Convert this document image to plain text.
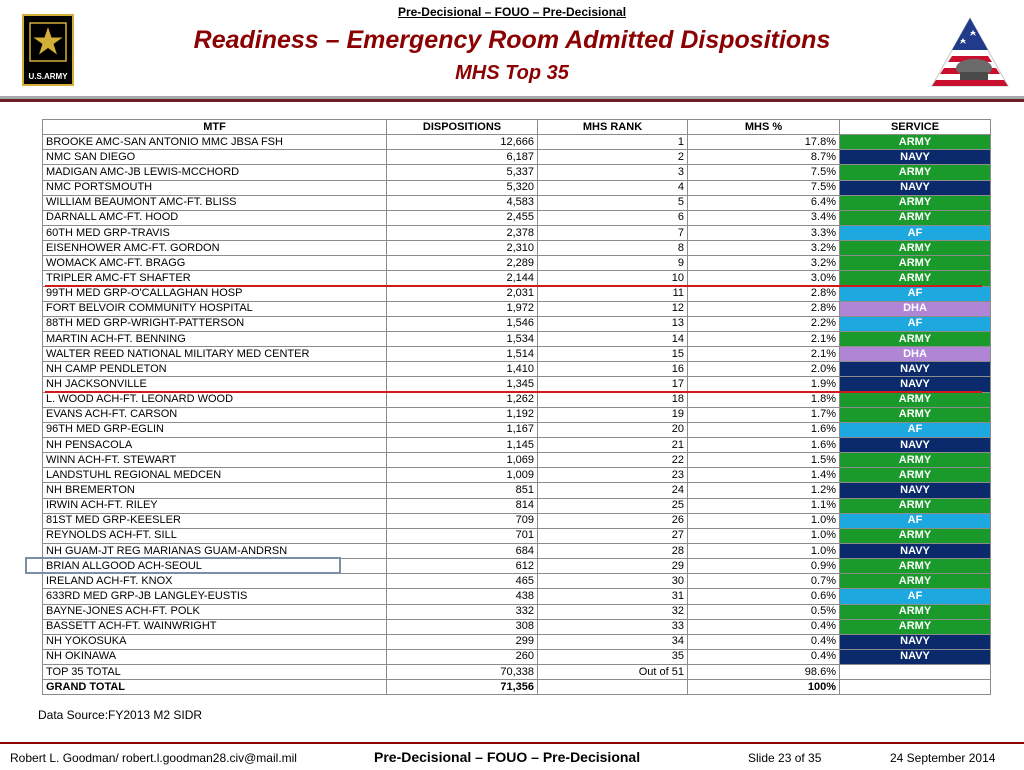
U.S.ARMY
Pre-Decisional – FOUO – Pre-Decisional
Readiness – Emergency Room Admitted Dispositions
MHS Top 35
MTF	DISPOSITIONS	MHS RANK	MHS %	SERVICE
BROOKE AMC-SAN ANTONIO MMC JBSA FSH	12,666	1	17.8%	ARMY
NMC SAN DIEGO	6,187	2	8.7%	NAVY
MADIGAN AMC-JB LEWIS-MCCHORD	5,337	3	7.5%	ARMY
NMC PORTSMOUTH	5,320	4	7.5%	NAVY
WILLIAM BEAUMONT AMC-FT. BLISS	4,583	5	6.4%	ARMY
DARNALL AMC-FT. HOOD	2,455	6	3.4%	ARMY
60TH MED GRP-TRAVIS	2,378	7	3.3%	AF
EISENHOWER AMC-FT. GORDON	2,310	8	3.2%	ARMY
WOMACK AMC-FT. BRAGG	2,289	9	3.2%	ARMY
TRIPLER AMC-FT SHAFTER	2,144	10	3.0%	ARMY
99TH MED GRP-O'CALLAGHAN HOSP	2,031	11	2.8%	AF
FORT BELVOIR COMMUNITY HOSPITAL	1,972	12	2.8%	DHA
88TH MED GRP-WRIGHT-PATTERSON	1,546	13	2.2%	AF
MARTIN ACH-FT. BENNING	1,534	14	2.1%	ARMY
WALTER REED NATIONAL MILITARY MED CENTER	1,514	15	2.1%	DHA
NH CAMP PENDLETON	1,410	16	2.0%	NAVY
NH JACKSONVILLE	1,345	17	1.9%	NAVY
L. WOOD ACH-FT. LEONARD WOOD	1,262	18	1.8%	ARMY
EVANS ACH-FT. CARSON	1,192	19	1.7%	ARMY
96TH MED GRP-EGLIN	1,167	20	1.6%	AF
NH PENSACOLA	1,145	21	1.6%	NAVY
WINN ACH-FT. STEWART	1,069	22	1.5%	ARMY
LANDSTUHL REGIONAL MEDCEN	1,009	23	1.4%	ARMY
NH BREMERTON	851	24	1.2%	NAVY
IRWIN ACH-FT. RILEY	814	25	1.1%	ARMY
81ST MED GRP-KEESLER	709	26	1.0%	AF
REYNOLDS ACH-FT. SILL	701	27	1.0%	ARMY
NH GUAM-JT REG MARIANAS GUAM-ANDRSN	684	28	1.0%	NAVY
BRIAN ALLGOOD ACH-SEOUL	612	29	0.9%	ARMY
IRELAND ACH-FT. KNOX	465	30	0.7%	ARMY
633RD MED GRP-JB LANGLEY-EUSTIS	438	31	0.6%	AF
BAYNE-JONES ACH-FT. POLK	332	32	0.5%	ARMY
BASSETT ACH-FT. WAINWRIGHT	308	33	0.4%	ARMY
NH YOKOSUKA	299	34	0.4%	NAVY
NH OKINAWA	260	35	0.4%	NAVY
TOP 35 TOTAL	70,338	Out of 51	98.6%	
GRAND TOTAL	71,356		100%	
Data Source:FY2013 M2 SIDR
Robert L. Goodman/ robert.l.goodman28.civ@mail.mil	Pre-Decisional – FOUO – Pre-Decisional	Slide 23 of 35	24 September 2014
